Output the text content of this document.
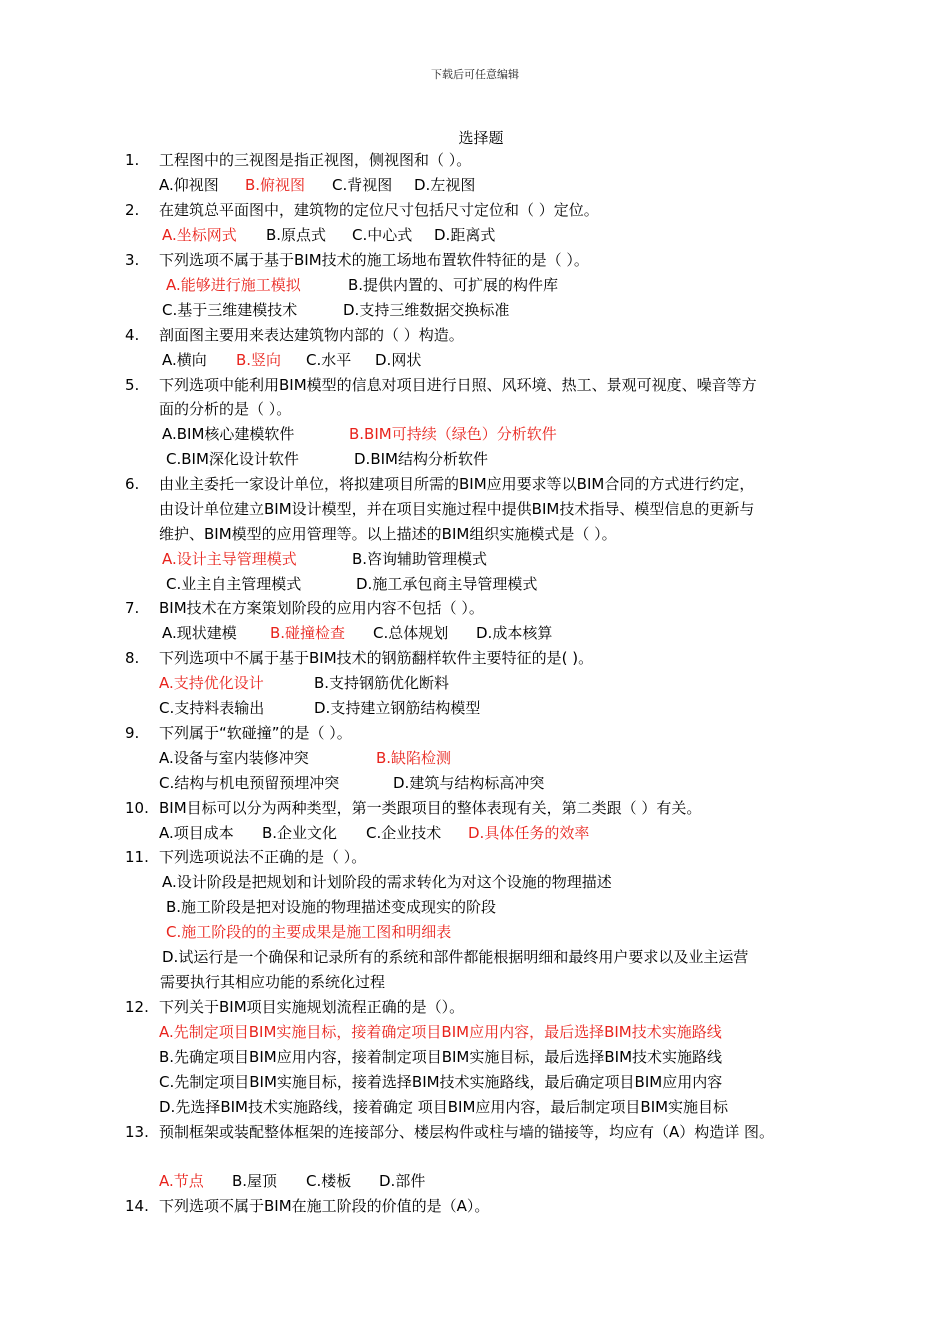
下载后可任意编辑
选择题
1. 工程图中的三视图是指正视图，侧视图和（ ）。
A.仰视图 B.俯视图 C.背视图 D.左视图
2. 在建筑总平面图中，建筑物的定位尺寸包括尺寸定位和（ ）定位。
A.坐标网式 B.原点式 C.中心式 D.距离式
3. 下列选项不属于基于BIM技术的施工场地布置软件特征的是（ ）。
A.能够进行施工模拟	B.提供内置的、可扩展的构件库
C.基于三维建模技术	D.支持三维数据交换标准
4. 剖面图主要用来表达建筑物内部的（ ）构造。
A.横向 B.竖向 C.水平 D.网状
5. 下列选项中能利用BIM模型的信息对项目进行日照、风环境、热工、景观可视度、噪音等方
面的分析的是（ ）。
A.BIM核心建模软件	B.BIM可持续（绿色）分析软件
C.BIM深化设计软件	D.BIM结构分析软件
6. 由业主委托一家设计单位，将拟建项目所需的BIM应用要求等以BIM合同的方式进行约定，
由设计单位建立BIM设计模型，并在项目实施过程中提供BIM技术指导、模型信息的更新与
维护、BIM模型的应用管理等。以上描述的BIM组织实施模式是（ ）。
A.设计主导管理模式	B.咨询辅助管理模式
C.业主自主管理模式	D.施工承包商主导管理模式
7. BIM技术在方案策划阶段的应用内容不包括（ ）。
A.现状建模 B.碰撞检查 C.总体规划 D.成本核算
8. 下列选项中不属于基于BIM技术的钢筋翻样软件主要特征的是( )。
A.支持优化设计	B.支持钢筋优化断料
C.支持料表输出	D.支持建立钢筋结构模型
9. 下列属于“软碰撞”的是（ ）。
A.设备与室内装修冲突	B.缺陷检测
C.结构与机电预留预埋冲突	D.建筑与结构标高冲突
10. BIM目标可以分为两种类型，第一类跟项目的整体表现有关，第二类跟（ ）有关。
A.项目成本 B.企业文化 C.企业技术 D.具体任务的效率
11. 下列选项说法不正确的是（ ）。
A.设计阶段是把规划和计划阶段的需求转化为对这个设施的物理描述
B.施工阶段是把对设施的物理描述变成现实的阶段
C.施工阶段的的主要成果是施工图和明细表
D.试运行是一个确保和记录所有的系统和部件都能根据明细和最终用户要求以及业主运营
需要执行其相应功能的系统化过程
12. 下列关于BIM项目实施规划流程正确的是（）。
A.先制定项目BIM实施目标，接着确定项目BIM应用内容，最后选择BIM技术实施路线
B.先确定项目BIM应用内容，接着制定项目BIM实施目标，最后选择BIM技术实施路线
C.先制定项目BIM实施目标，接着选择BIM技术实施路线，最后确定项目BIM应用内容
D.先选择BIM技术实施路线，接着确定 项目BIM应用内容，最后制定项目BIM实施目标
13. 预制框架或装配整体框架的连接部分、楼层构件或柱与墙的锚接等，均应有（A）构造详 图。
A.节点 B.屋顶 C.楼板 D.部件
14. 下列选项不属于BIM在施工阶段的价值的是（A）。
